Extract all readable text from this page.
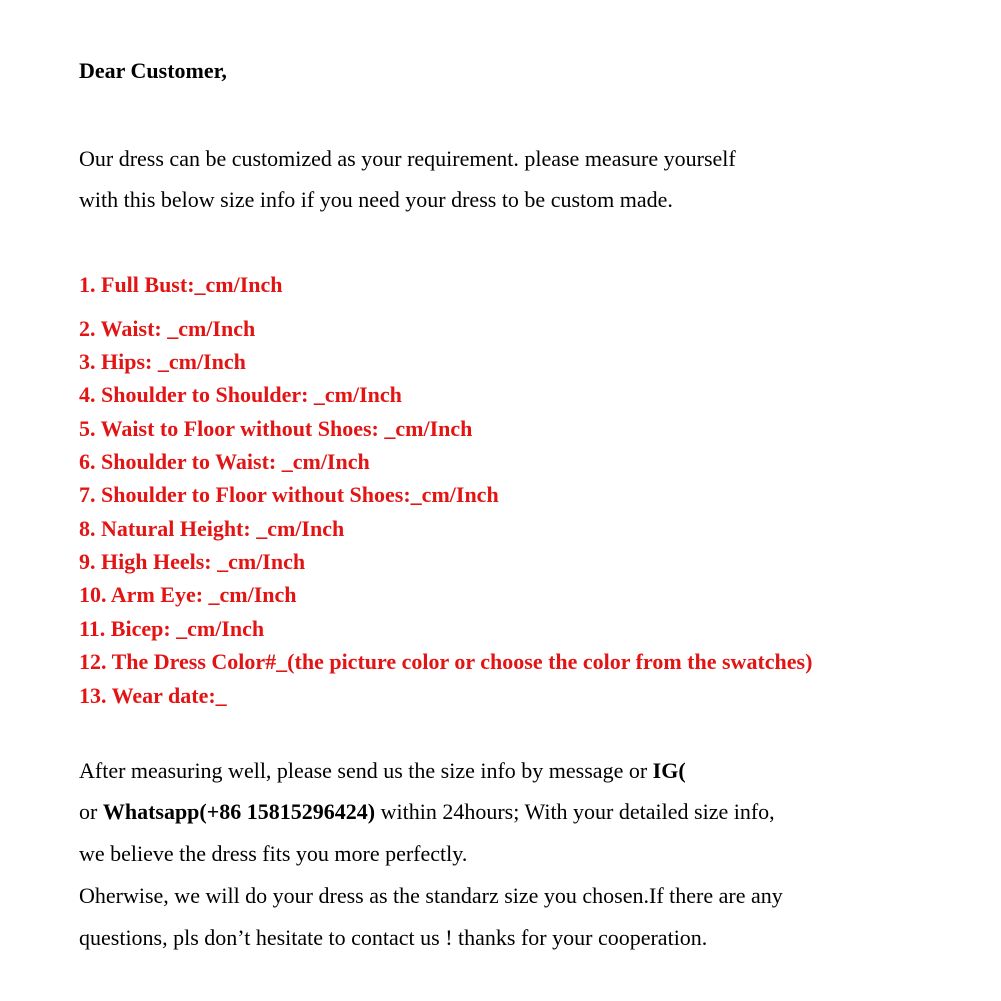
Dear Customer,
Our dress can be customized as your requirement. please measure yourself
with this below size info if you need your dress to be custom made.
1. Full Bust:_cm/Inch
2. Waist: _cm/Inch
3. Hips: _cm/Inch
4. Shoulder to Shoulder: _cm/Inch
5. Waist to Floor without Shoes: _cm/Inch
6. Shoulder to Waist: _cm/Inch
7. Shoulder to Floor without Shoes:_cm/Inch
8. Natural Height: _cm/Inch
9. High Heels: _cm/Inch
10. Arm Eye: _cm/Inch
11. Bicep: _cm/Inch
12. The Dress Color#_(the picture color or choose the color from the swatches)
13. Wear date:_
After measuring well, please send us the size info by message or IG(
or Whatsapp(+86 15815296424) within 24hours; With your detailed size info,
we believe the dress fits you more perfectly.
Oherwise, we will do your dress as the standarz size you chosen.If there are any
questions, pls don’t hesitate to contact us ! thanks for your cooperation.
